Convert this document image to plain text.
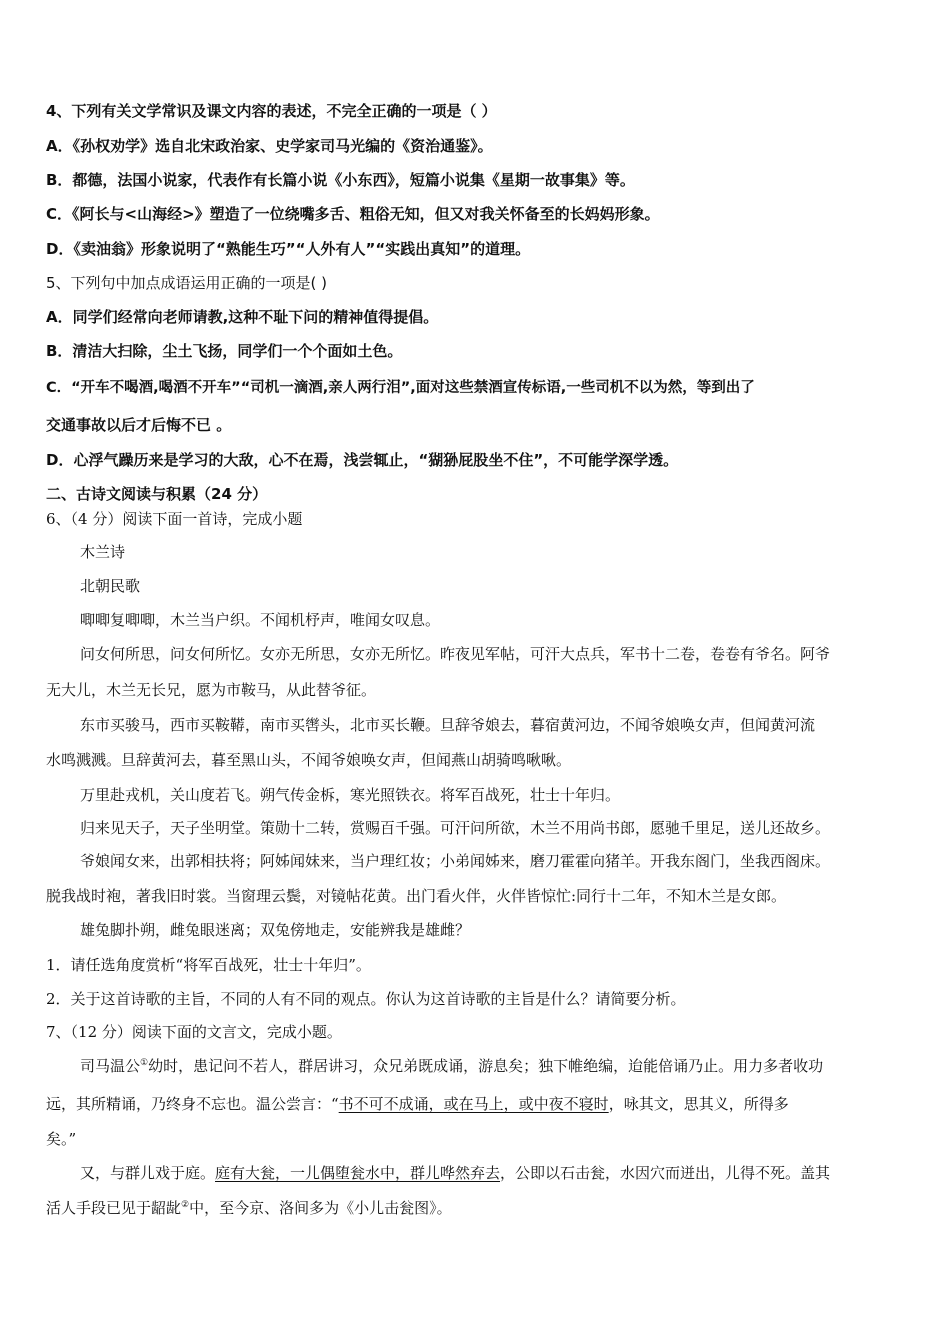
4、下列有关文学常识及课文内容的表述，不完全正确的一项是（ ）
A．《孙权劝学》选自北宋政治家、史学家司马光编的《资治通鉴》。
B．都德，法国小说家，代表作有长篇小说《小东西》，短篇小说集《星期一故事集》等。
C．《阿长与<山海经>》塑造了一位绕嘴多舌、粗俗无知，但又对我关怀备至的长妈妈形象。
D．《卖油翁》形象说明了“熟能生巧”“人外有人”“实践出真知”的道理。
5、下列句中加点成语运用正确的一项是( )
A．同学们经常向老师请教,这种不耻下问的精神值得提倡。
B．清洁大扫除，尘土飞扬，同学们一个个面如土色。
C．“开车不喝酒,喝酒不开车”“司机一滴酒,亲人两行泪”,面对这些禁酒宣传标语,一些司机不以为然，等到出了
交通事故以后才后悔不已 。
D．心浮气躁历来是学习的大敌，心不在焉，浅尝辄止，“猢狲屁股坐不住”，不可能学深学透。
二、古诗文阅读与积累（24 分）
6、（4 分）阅读下面一首诗，完成小题
木兰诗
北朝民歌
唧唧复唧唧，木兰当户织。不闻机杼声，唯闻女叹息。
问女何所思，问女何所忆。女亦无所思，女亦无所忆。昨夜见军帖，可汗大点兵，军书十二卷，卷卷有爷名。阿爷
无大儿，木兰无长兄，愿为市鞍马，从此替爷征。
东市买骏马，西市买鞍鞯，南市买辔头，北市买长鞭。旦辞爷娘去，暮宿黄河边，不闻爷娘唤女声，但闻黄河流
水鸣溅溅。旦辞黄河去，暮至黑山头，不闻爷娘唤女声，但闻燕山胡骑鸣啾啾。
万里赴戎机，关山度若飞。朔气传金柝，寒光照铁衣。将军百战死，壮士十年归。
归来见天子，天子坐明堂。策勋十二转，赏赐百千强。可汗问所欲，木兰不用尚书郎，愿驰千里足，送儿还故乡。
爷娘闻女来，出郭相扶将；阿姊闻妹来，当户理红妆；小弟闻姊来，磨刀霍霍向猪羊。开我东阁门，坐我西阁床。
脱我战时袍，著我旧时裳。当窗理云鬓，对镜帖花黄。出门看火伴，火伴皆惊忙:同行十二年，不知木兰是女郎。
雄兔脚扑朔，雌兔眼迷离；双兔傍地走，安能辨我是雄雌？
1．请任选角度赏析“将军百战死，壮士十年归”。
2．关于这首诗歌的主旨，不同的人有不同的观点。你认为这首诗歌的主旨是什么？请简要分析。
7、（12 分）阅读下面的文言文，完成小题。
司马温公①幼时，患记问不若人，群居讲习，众兄弟既成诵，游息矣；独下帷绝编，迨能倍诵乃止。用力多者收功
远，其所精诵，乃终身不忘也。温公尝言：“书不可不成诵，或在马上，或中夜不寝时，咏其文，思其义，所得多
矣。”
又，与群儿戏于庭。庭有大瓮，一儿偶堕瓮水中，群儿哗然弃去，公即以石击瓮，水因穴而迸出，儿得不死。盖其
活人手段已见于龆龀②中，至今京、洛间多为《小儿击瓮图》。
